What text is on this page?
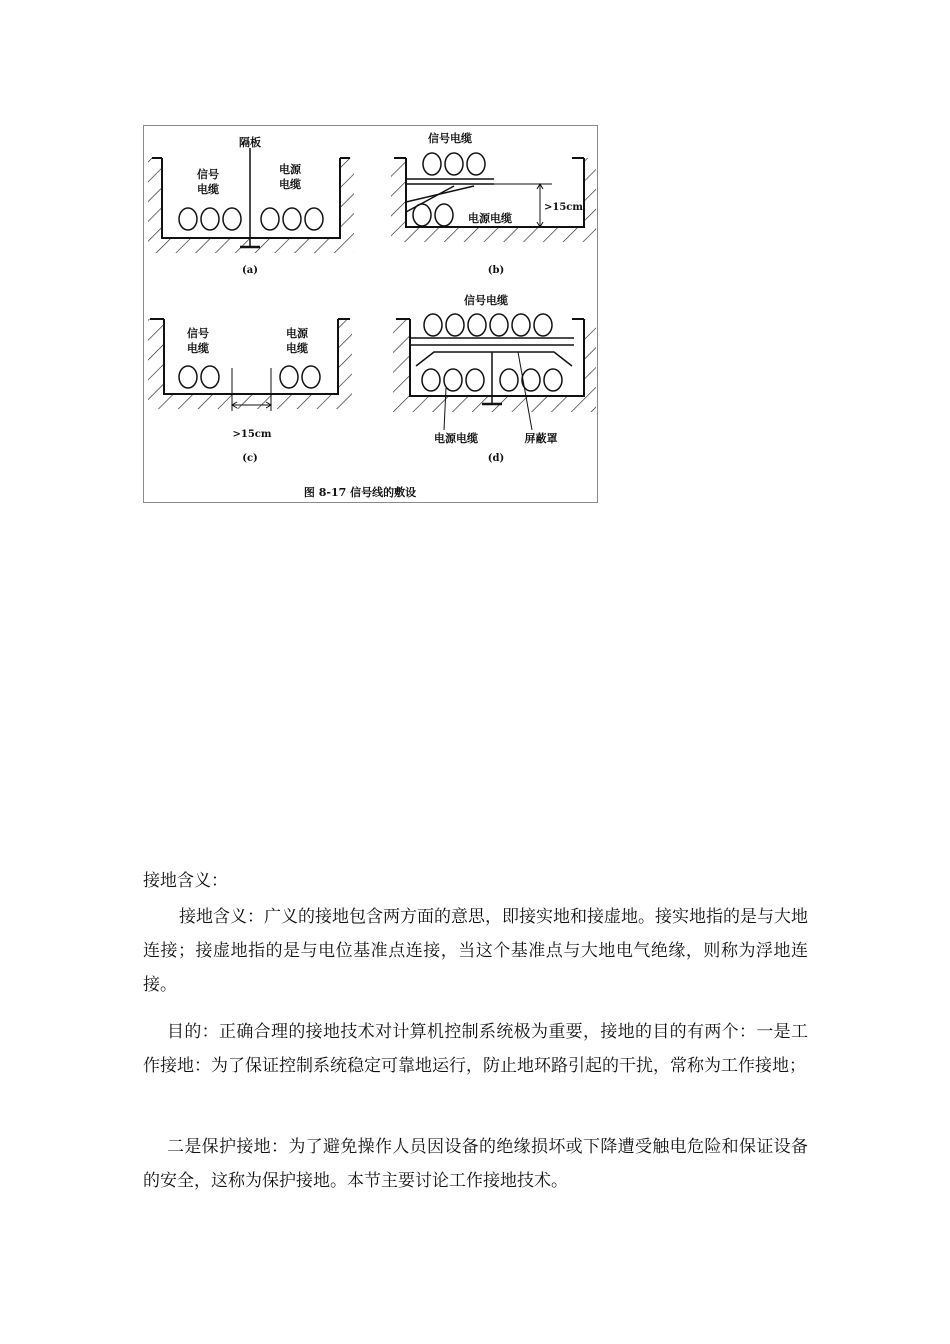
隔板
信号
电缆
电源
电缆
(a)
信号电缆
电源电缆
>15cm
(b)
信号
电缆
电源
电缆
>15cm
(c)
信号电缆
电源电缆	屏蔽罩
(d)
图 8-17 信号线的敷设
接地含义：

接地含义：广义的接地包含两方面的意思，即接实地和接虚地。接实地指的是与大地连接；接虚地指的是与电位基准点连接，当这个基准点与大地电气绝缘，则称为浮地连接。

目的：正确合理的接地技术对计算机控制系统极为重要，接地的目的有两个：一是工作接地：为了保证控制系统稳定可靠地运行，防止地环路引起的干扰，常称为工作接地；

二是保护接地：为了避免操作人员因设备的绝缘损坏或下降遭受触电危险和保证设备的安全，这称为保护接地。本节主要讨论工作接地技术。
